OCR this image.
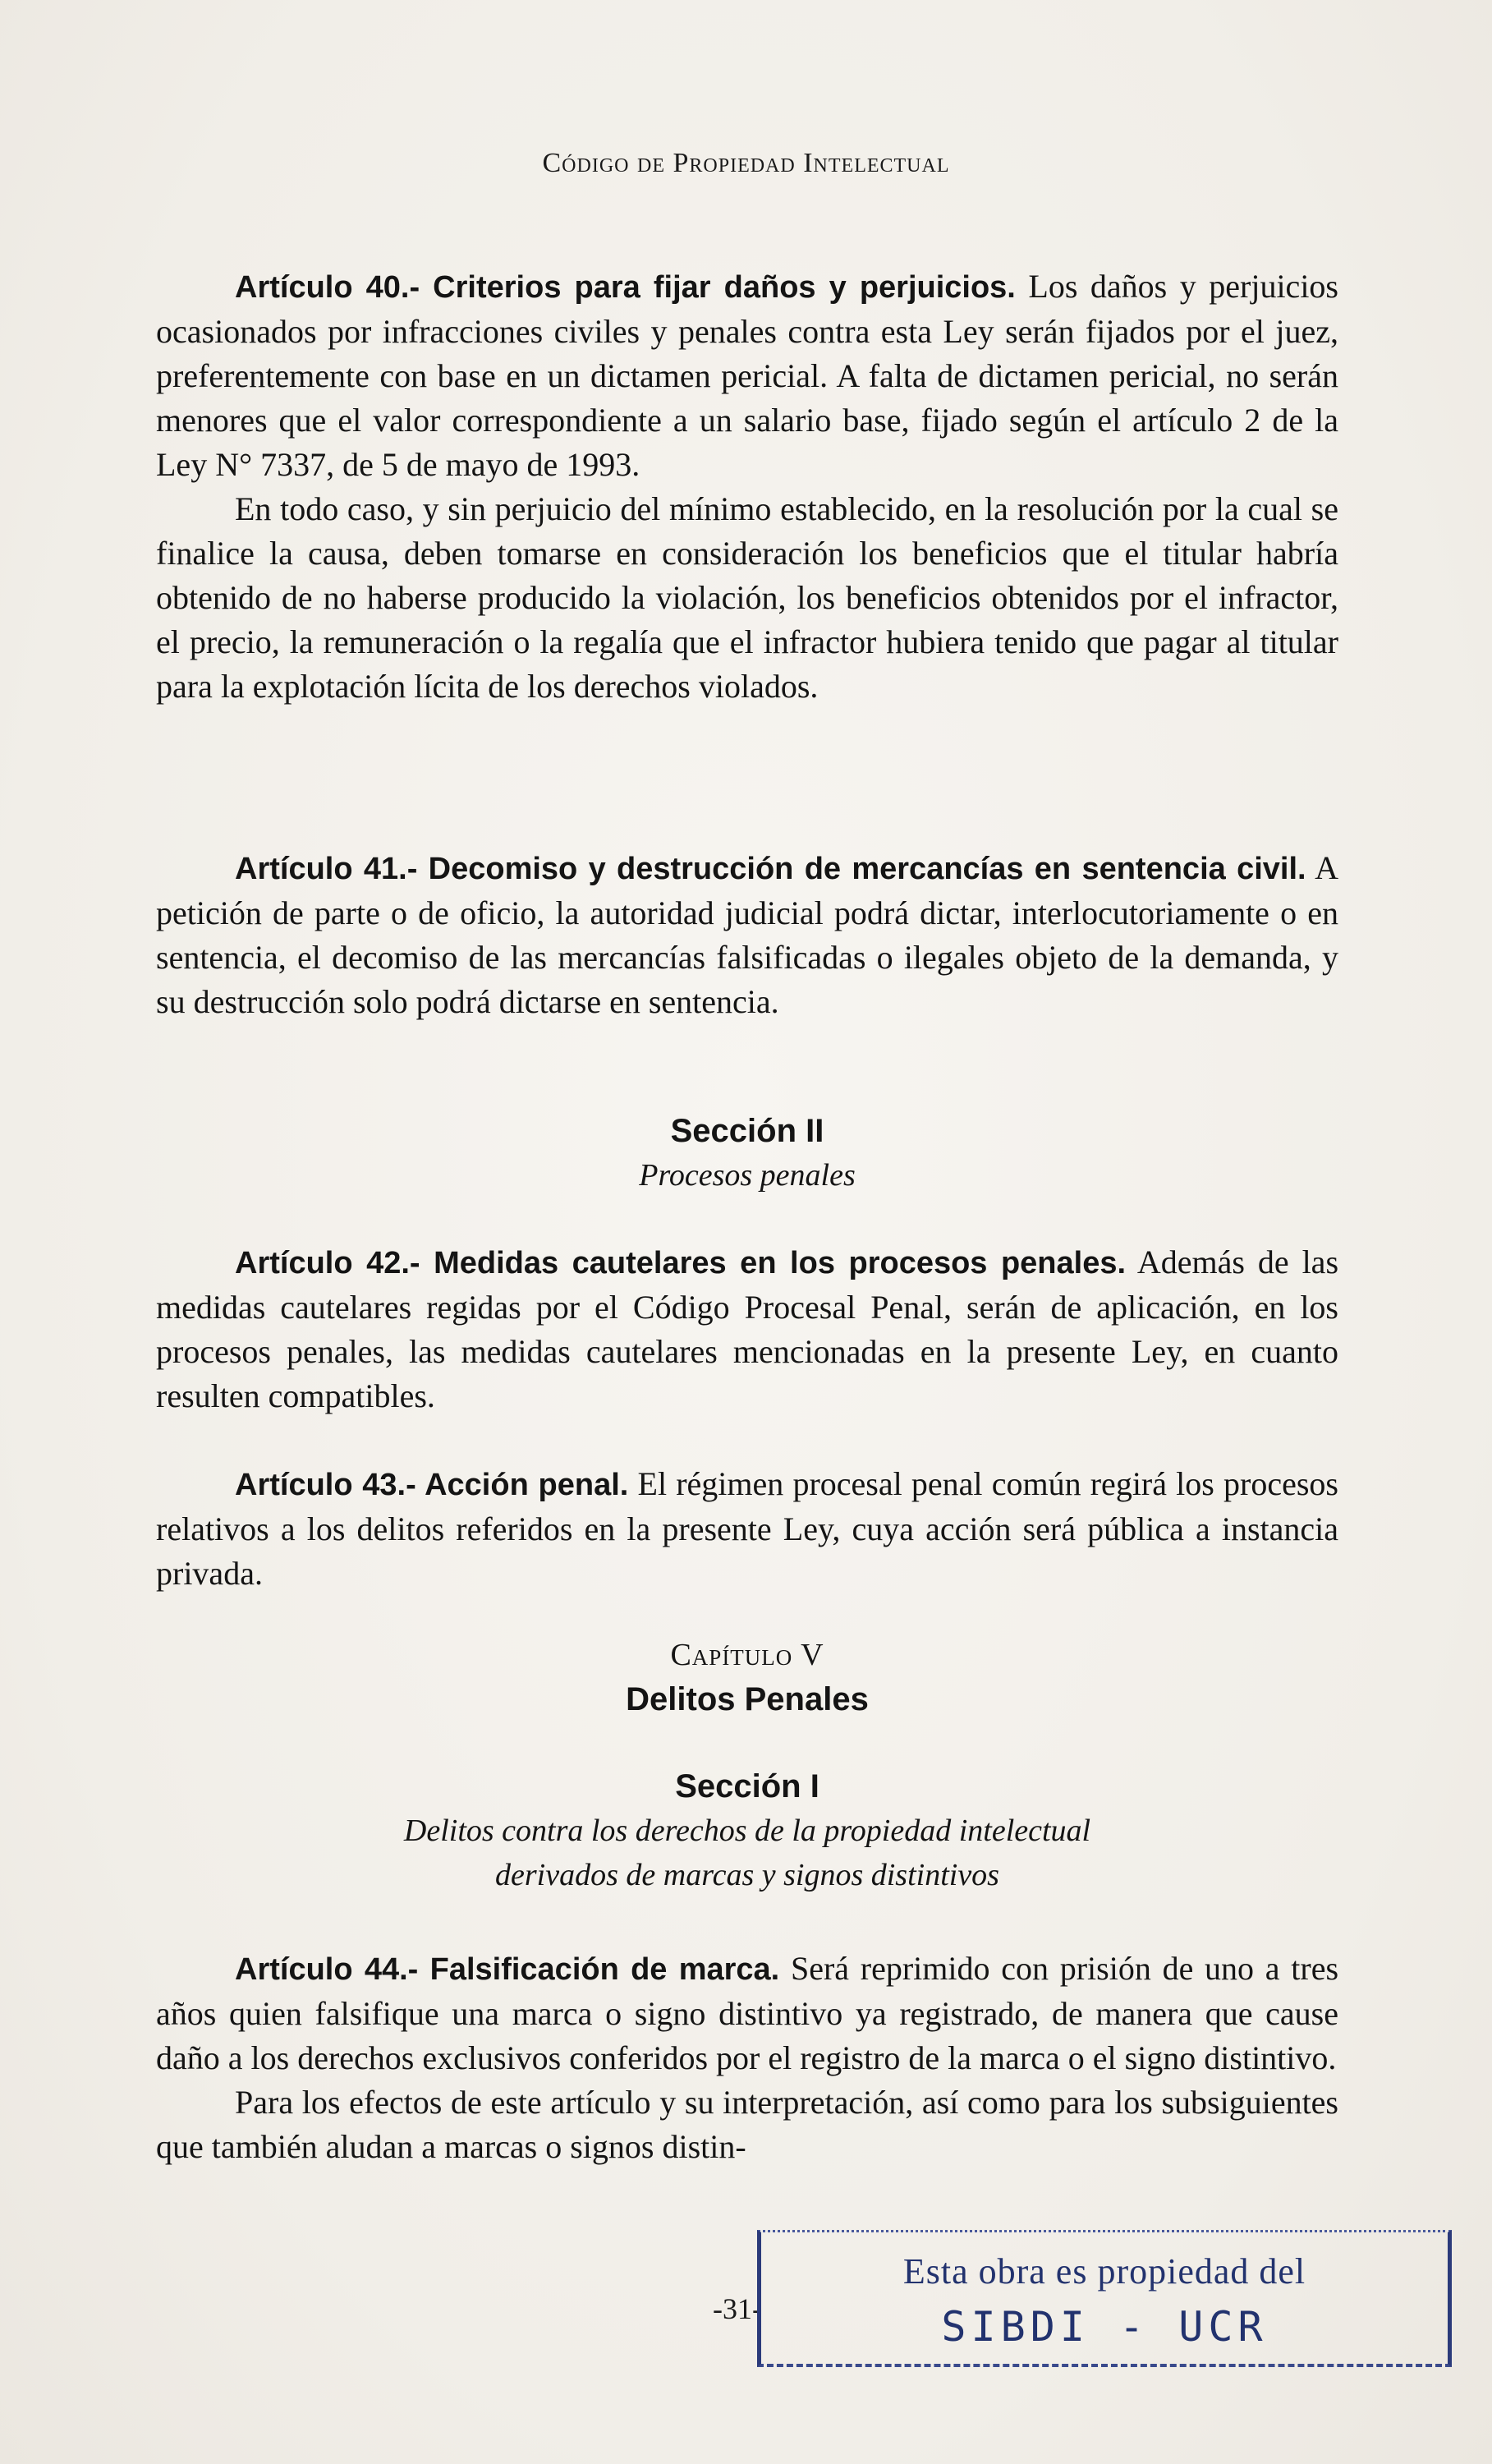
Código de Propiedad Intelectual

Artículo 40.- Criterios para fijar daños y perjuicios. Los daños y perjuicios ocasionados por infracciones civiles y penales contra esta Ley serán fijados por el juez, preferentemente con base en un dictamen pericial. A falta de dictamen pericial, no serán menores que el valor correspondiente a un salario base, fijado según el artículo 2 de la Ley N° 7337, de 5 de mayo de 1993.

En todo caso, y sin perjuicio del mínimo establecido, en la resolución por la cual se finalice la causa, deben tomarse en consideración los beneficios que el titular habría obtenido de no haberse producido la violación, los beneficios obtenidos por el infractor, el precio, la remuneración o la regalía que el infractor hubiera tenido que pagar al titular para la explotación lícita de los derechos violados.

Artículo 41.- Decomiso y destrucción de mercancías en sentencia civil. A petición de parte o de oficio, la autoridad judicial podrá dictar, interlocutoriamente o en sentencia, el decomiso de las mercancías falsificadas o ilegales objeto de la demanda, y su destrucción solo podrá dictarse en sentencia.

Sección II

Procesos penales

Artículo 42.- Medidas cautelares en los procesos penales. Además de las medidas cautelares regidas por el Código Procesal Penal, serán de aplicación, en los procesos penales, las medidas cautelares mencionadas en la presente Ley, en cuanto resulten compatibles.

Artículo 43.- Acción penal. El régimen procesal penal común regirá los procesos relativos a los delitos referidos en la presente Ley, cuya acción será pública a instancia privada.

Capítulo V

Delitos Penales

Sección I

Delitos contra los derechos de la propiedad intelectual

derivados de marcas y signos distintivos

Artículo 44.- Falsificación de marca. Será reprimido con prisión de uno a tres años quien falsifique una marca o signo distintivo ya registrado, de manera que cause daño a los derechos exclusivos conferidos por el registro de la marca o el signo distintivo.

Para los efectos de este artículo y su interpretación, así como para los subsiguientes que también aludan a marcas o signos distin-

-31-
Esta obra es propiedad del
SIBDI - UCR
